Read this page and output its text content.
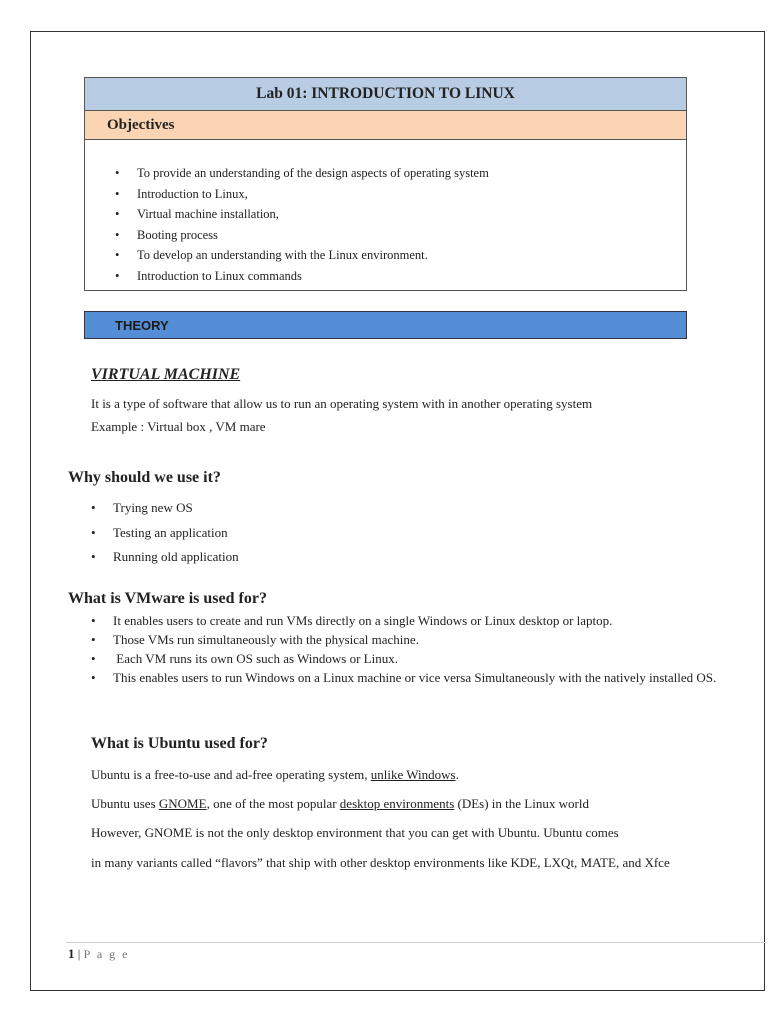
Lab 01: INTRODUCTION TO LINUX
Objectives
• To provide an understanding of the design aspects of operating system
• Introduction to Linux,
• Virtual machine installation,
• Booting process
• To develop an understanding with the Linux environment.
• Introduction to Linux commands
THEORY
VIRTUAL MACHINE
It is a type of software that allow us to run an operating system with in another operating system
Example : Virtual box , VM mare
Why should we use it?
• Trying new OS
• Testing an application
• Running old application
What is VMware is used for?
• It enables users to create and run VMs directly on a single Windows or Linux desktop or laptop.
• Those VMs run simultaneously with the physical machine.
•  Each VM runs its own OS such as Windows or Linux.
• This enables users to run Windows on a Linux machine or vice versa Simultaneously with the natively installed OS.
What is Ubuntu used for?
Ubuntu is a free-to-use and ad-free operating system, unlike Windows.
Ubuntu uses GNOME, one of the most popular desktop environments (DEs) in the Linux world
However, GNOME is not the only desktop environment that you can get with Ubuntu. Ubuntu comes
in many variants called “flavors” that ship with other desktop environments like KDE, LXQt, MATE, and Xfce
1 | P a g e
